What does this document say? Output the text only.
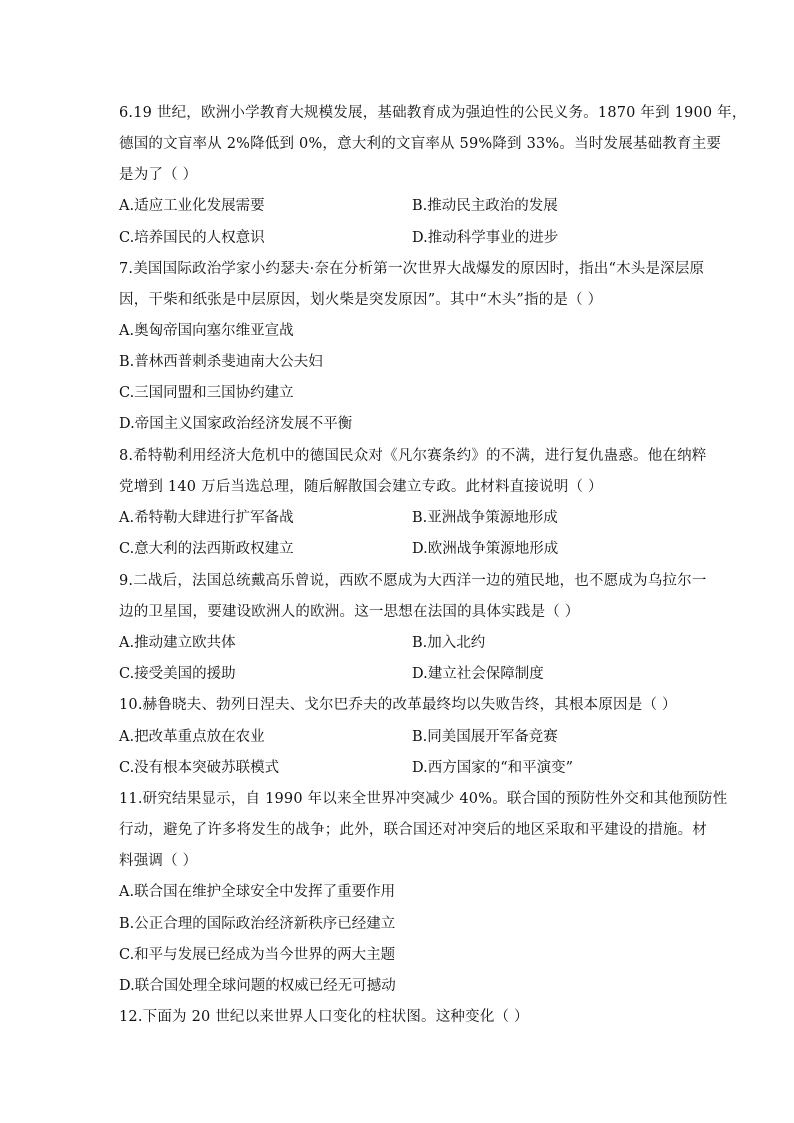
6.19 世纪，欧洲小学教育大规模发展，基础教育成为强迫性的公民义务。1870 年到 1900 年，
德国的文盲率从 2%降低到 0%，意大利的文盲率从 59%降到 33%。当时发展基础教育主要
是为了（ ）
A.适应工业化发展需要	B.推动民主政治的发展
C.培养国民的人权意识	D.推动科学事业的进步
7.美国国际政治学家小约瑟夫·奈在分析第一次世界大战爆发的原因时，指出“木头是深层原
因，干柴和纸张是中层原因，划火柴是突发原因”。其中“木头”指的是（ ）
A.奥匈帝国向塞尔维亚宣战
B.普林西普刺杀斐迪南大公夫妇
C.三国同盟和三国协约建立
D.帝国主义国家政治经济发展不平衡
8.希特勒利用经济大危机中的德国民众对《凡尔赛条约》的不满，进行复仇蛊惑。他在纳粹
党增到 140 万后当选总理，随后解散国会建立专政。此材料直接说明（ ）
A.希特勒大肆进行扩军备战	B.亚洲战争策源地形成
C.意大利的法西斯政权建立	D.欧洲战争策源地形成
9.二战后，法国总统戴高乐曾说，西欧不愿成为大西洋一边的殖民地，也不愿成为乌拉尔一
边的卫星国，要建设欧洲人的欧洲。这一思想在法国的具体实践是（ ）
A.推动建立欧共体	B.加入北约
C.接受美国的援助	D.建立社会保障制度
10.赫鲁晓夫、勃列日涅夫、戈尔巴乔夫的改革最终均以失败告终，其根本原因是（ ）
A.把改革重点放在农业	B.同美国展开军备竞赛
C.没有根本突破苏联模式	D.西方国家的“和平演变”
11.研究结果显示，自 1990 年以来全世界冲突减少 40%。联合国的预防性外交和其他预防性
行动，避免了许多将发生的战争；此外，联合国还对冲突后的地区采取和平建设的措施。材
料强调（ ）
A.联合国在维护全球安全中发挥了重要作用
B.公正合理的国际政治经济新秩序已经建立
C.和平与发展已经成为当今世界的两大主题
D.联合国处理全球问题的权威已经无可撼动
12.下面为 20 世纪以来世界人口变化的柱状图。这种变化（ ）
